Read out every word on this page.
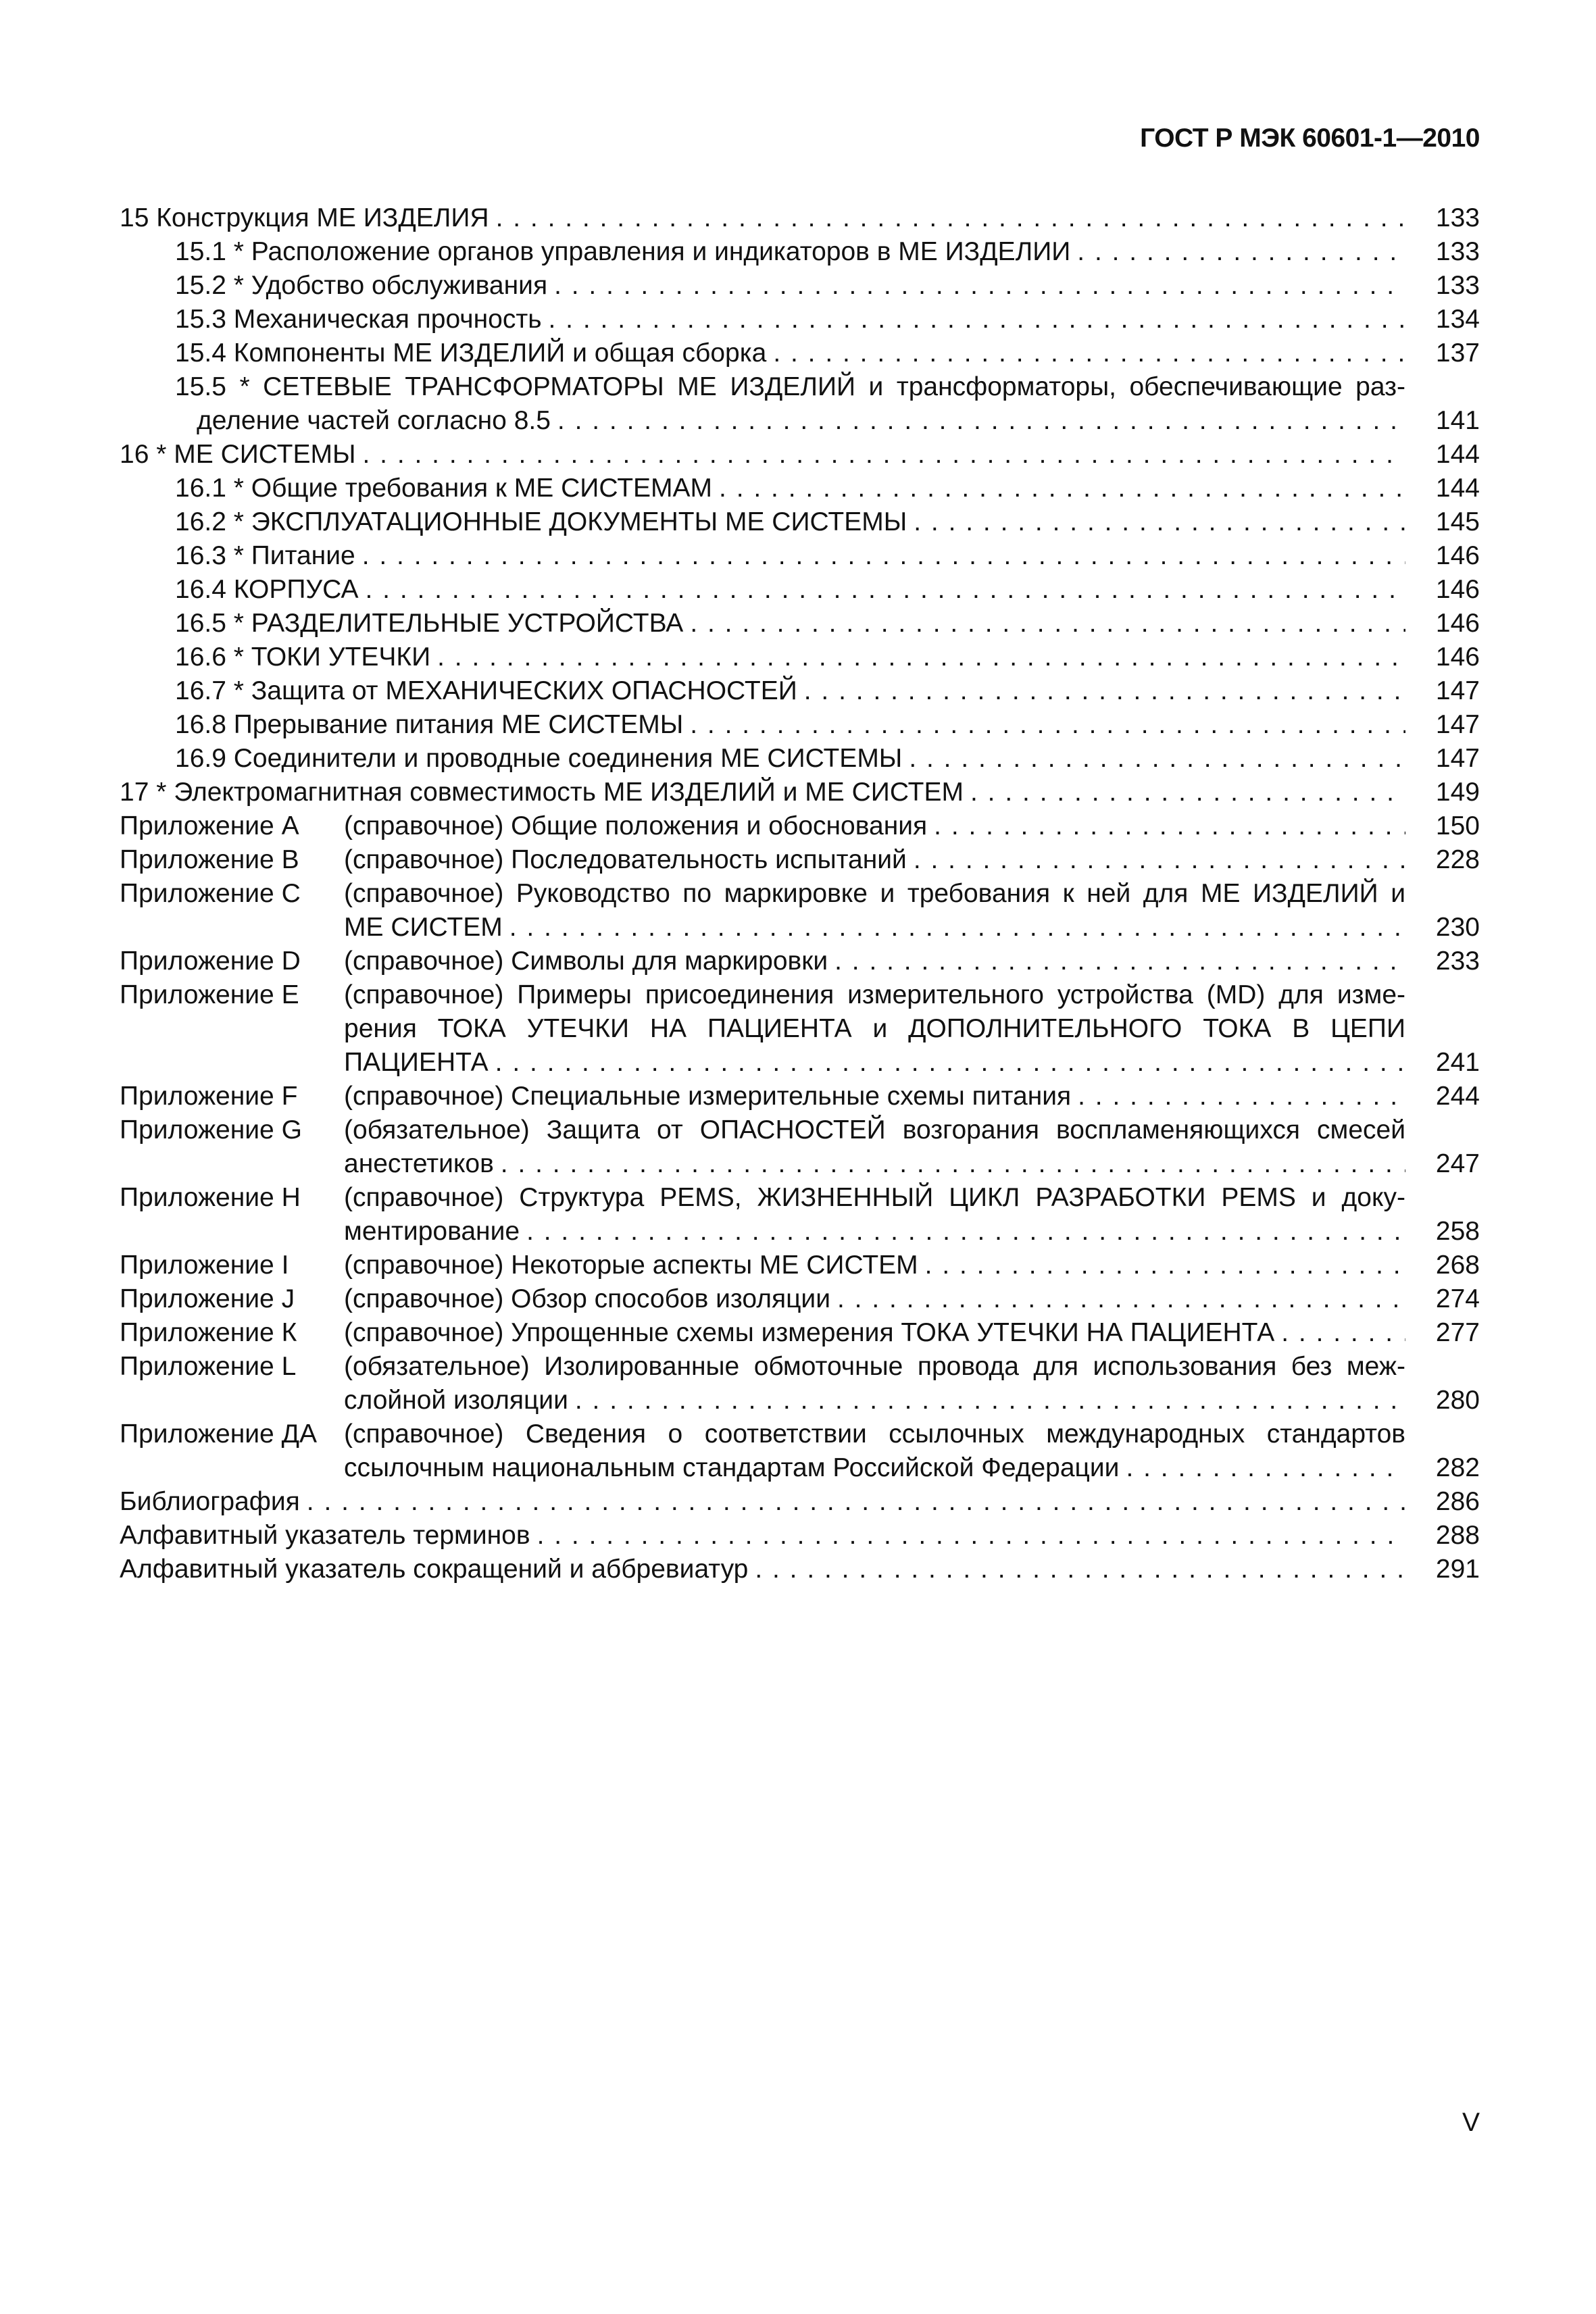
ГОСТ Р МЭК 60601-1—2010
15 Конструкция МЕ ИЗДЕЛИЯ . . .	133
15.1 * Расположение органов управления и индикаторов в МЕ ИЗДЕЛИИ . . .	133
15.2 * Удобство обслуживания . . .	133
15.3 Механическая прочность . . .	134
15.4 Компоненты МЕ ИЗДЕЛИЙ и общая сборка . . .	137
15.5 * СЕТЕВЫЕ ТРАНСФОРМАТОРЫ МЕ ИЗДЕЛИЙ и трансформаторы, обеспечивающие раз-
деление частей согласно 8.5 . . .	141
16 * МЕ СИСТЕМЫ . . .	144
16.1 * Общие требования к МЕ СИСТЕМАМ . . .	144
16.2 * ЭКСПЛУАТАЦИОННЫЕ ДОКУМЕНТЫ МЕ СИСТЕМЫ . . .	145
16.3 * Питание . . .	146
16.4 КОРПУСА . . .	146
16.5 * РАЗДЕЛИТЕЛЬНЫЕ УСТРОЙСТВА . . .	146
16.6 * ТОКИ УТЕЧКИ . . .	146
16.7 * Защита от МЕХАНИЧЕСКИХ ОПАСНОСТЕЙ . . .	147
16.8 Прерывание питания МЕ СИСТЕМЫ . . .	147
16.9 Соединители и проводные соединения МЕ СИСТЕМЫ . . .	147
17 * Электромагнитная совместимость МЕ ИЗДЕЛИЙ и МЕ СИСТЕМ . . .	149
Приложение А	(справочное) Общие положения и обоснования . . .	150
Приложение В	(справочное) Последовательность испытаний . . .	228
Приложение С	(справочное) Руководство по маркировке и требования к ней для МЕ ИЗДЕЛИЙ и
МЕ СИСТЕМ . . .	230
Приложение D	(справочное) Символы для маркировки . . .	233
Приложение Е	(справочное) Примеры присоединения измерительного устройства (MD) для изме-
рения ТОКА УТЕЧКИ НА ПАЦИЕНТА и ДОПОЛНИТЕЛЬНОГО ТОКА В ЦЕПИ
ПАЦИЕНТА . . .	241
Приложение F	(справочное) Специальные измерительные схемы питания . . .	244
Приложение G	(обязательное) Защита от ОПАСНОСТЕЙ возгорания воспламеняющихся смесей
анестетиков . . .	247
Приложение Н	(справочное) Структура PEMS, ЖИЗНЕННЫЙ ЦИКЛ РАЗРАБОТКИ PEMS и доку-
ментирование . . .	258
Приложение I	(справочное) Некоторые аспекты МЕ СИСТЕМ . . .	268
Приложение J	(справочное) Обзор способов изоляции . . .	274
Приложение К	(справочное) Упрощенные схемы измерения ТОКА УТЕЧКИ НА ПАЦИЕНТА . . .	277
Приложение L	(обязательное) Изолированные обмоточные провода для использования без меж-
слойной изоляции . . .	280
Приложение ДА	(справочное) Сведения о соответствии ссылочных международных стандартов
ссылочным национальным стандартам Российской Федерации . . .	282
Библиография . . .	286
Алфавитный указатель терминов . . .	288
Алфавитный указатель сокращений и аббревиатур . . .	291
V
